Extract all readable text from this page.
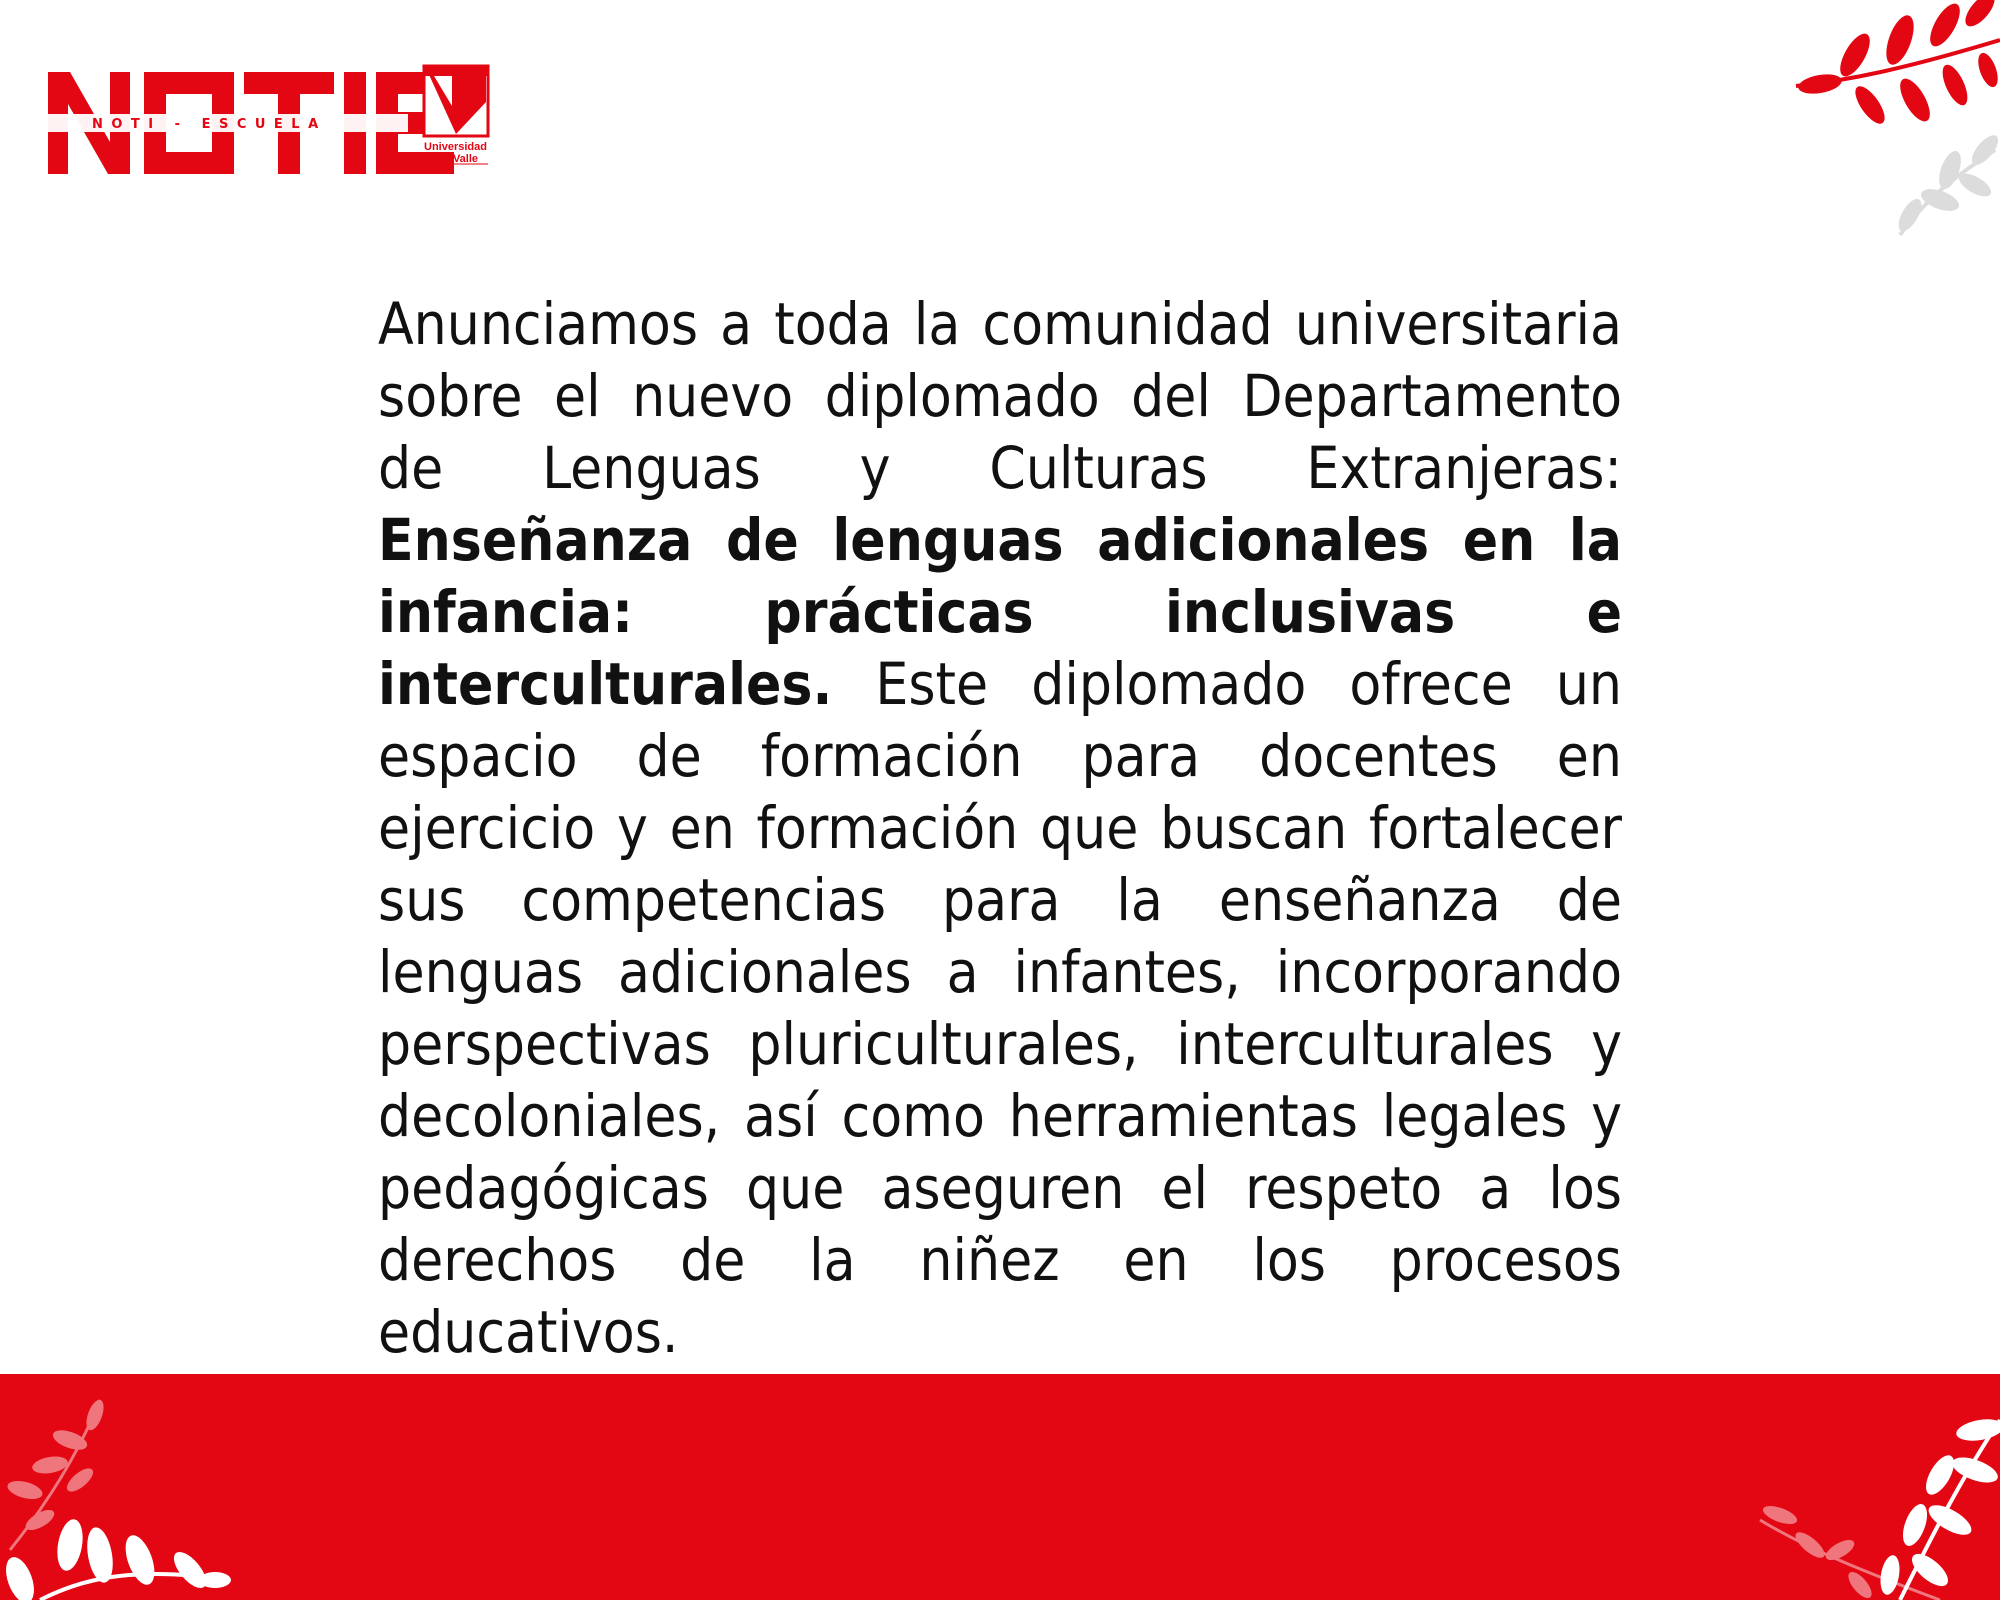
NOTI - ESCUELA
Universidad
del Valle

Anunciamos a toda la comunidad universitaria sobre el nuevo diplomado del Departamento de Lenguas y Culturas Extranjeras: Enseñanza de lenguas adicionales en la infancia: prácticas inclusivas e interculturales. Este diplomado ofrece un espacio de formación para docentes en ejercicio y en formación que buscan fortalecer sus competencias para la enseñanza de lenguas adicionales a infantes, incorporando perspectivas pluriculturales, interculturales y decoloniales, así como herramientas legales y pedagógicas que aseguren el respeto a los derechos de la niñez en los procesos educativos.
